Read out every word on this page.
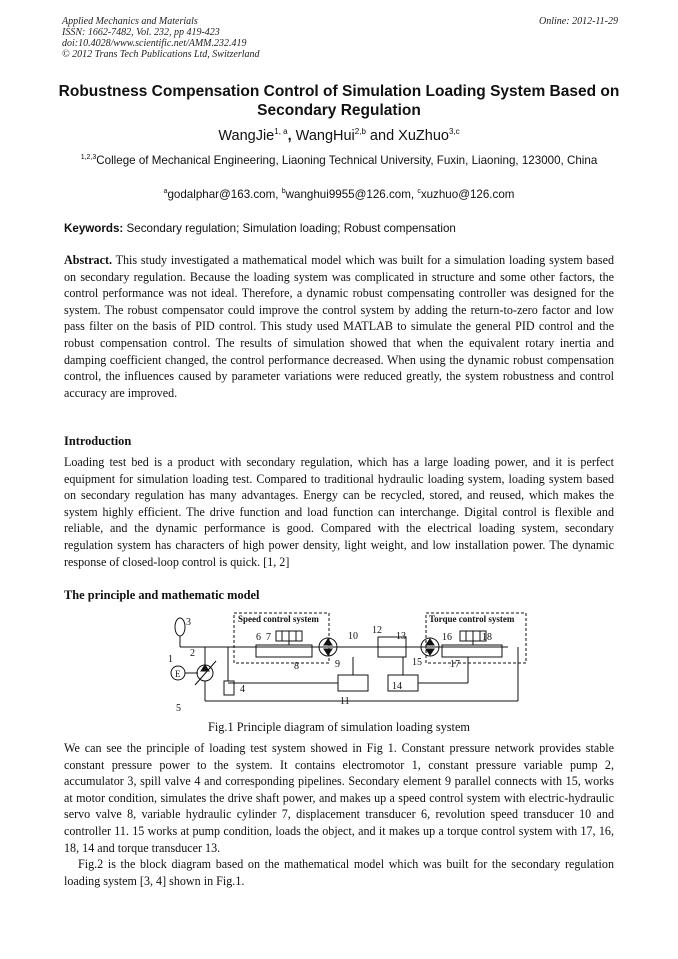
Applied Mechanics and Materials
ISSN: 1662-7482, Vol. 232, pp 419-423
doi:10.4028/www.scientific.net/AMM.232.419
© 2012 Trans Tech Publications Ltd, Switzerland
Online: 2012-11-29
Robustness Compensation Control of Simulation Loading System Based on Secondary Regulation
WangJie$^{1, a}$, WangHui$^{2,b}$ and XuZhuo$^{3,c}$
$^{1,2,3}$College of Mechanical Engineering, Liaoning Technical University, Fuxin, Liaoning, 123000, China
$^a$godalphar@163.com, $^b$wanghui9955@126.com, $^c$xuzhuo@126.com
Keywords: Secondary regulation; Simulation loading; Robust compensation
Abstract. This study investigated a mathematical model which was built for a simulation loading system based on secondary regulation. Because the loading system was complicated in structure and some other factors, the control performance was not ideal. Therefore, a dynamic robust compensating controller was designed for the system. The robust compensator could improve the control system by adding the return-to-zero factor and low pass filter on the basis of PID control. This study used MATLAB to simulate the general PID control and the robust compensation control. The results of simulation showed that when the equivalent rotary inertia and damping coefficient changed, the control performance decreased. When using the dynamic robust compensation control, the influences caused by parameter variations were reduced greatly, the system robustness and control accuracy are improved.
Introduction
Loading test bed is a product with secondary regulation, which has a large loading power, and it is perfect equipment for simulation loading test. Compared to traditional hydraulic loading system, loading system based on secondary regulation has many advantages. Energy can be recycled, stored, and reused, which makes the system highly efficient. The drive function and load function can interchange. Digital control is flexible and reliable, and the dynamic performance is good. Compared with the electrical loading system, secondary regulation system has characters of high power density, light weight, and low installation power. The dynamic response of closed-loop control is quick. [1, 2]
The principle and mathematic model
Speed control system	Torque control system
E
1
2
3
4
5
6 7
8	9
10
11
12
13
14
15
16
17
18
Fig.1 Principle diagram of simulation loading system
We can see the principle of loading test system showed in Fig 1. Constant pressure network provides stable constant pressure power to the system. It contains electromotor 1, constant pressure variable pump 2, accumulator 3, spill valve 4 and corresponding pipelines. Secondary element 9 parallel connects with 15, works at motor condition, simulates the drive shaft power, and makes up a speed control system with electric-hydraulic servo valve 8, variable hydraulic cylinder 7, displacement transducer 6, revolution speed transducer 10 and controller 11. 15 works at pump condition, loads the object, and it makes up a torque control system with 17, 16, 18, 14 and torque transducer 13.
Fig.2 is the block diagram based on the mathematical model which was built for the secondary regulation loading system [3, 4] shown in Fig.1.
